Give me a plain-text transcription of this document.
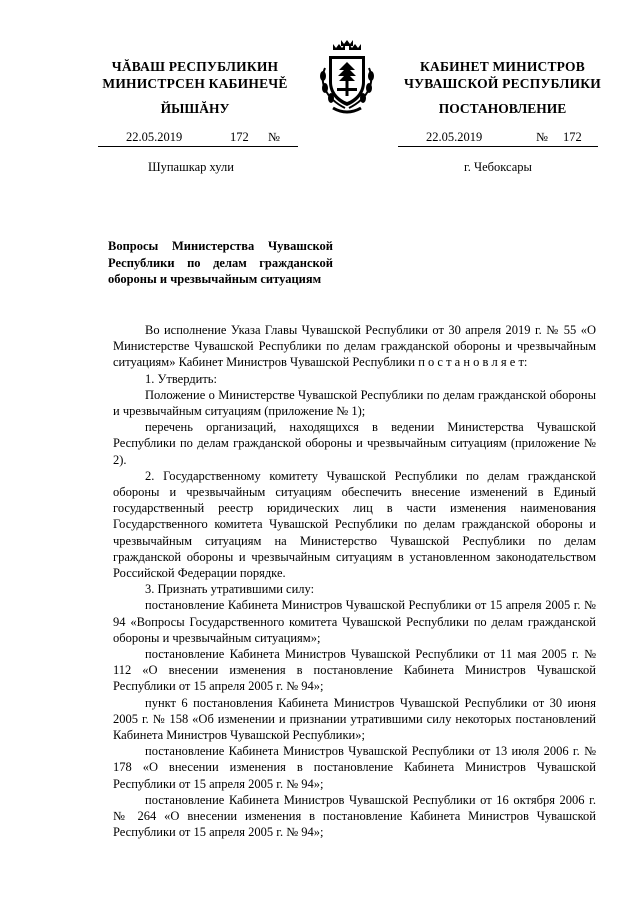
ЧĂВАШ РЕСПУБЛИКИН
МИНИСТРСЕН КАБИНЕЧĚ
ЙЫШĂНУ
КАБИНЕТ МИНИСТРОВ
ЧУВАШСКОЙ РЕСПУБЛИКИ
ПОСТАНОВЛЕНИЕ
22.05.2019	172 №	22.05.2019	№ 172
Шупашкар хули	г. Чебоксары
Вопросы Министерства Чувашской Республики по делам гражданской обороны и чрезвычайным ситуациям

Во исполнение Указа Главы Чувашской Республики от 30 апреля 2019 г. № 55 «О Министерстве Чувашской Республики по делам гражданской обороны и чрезвычайным ситуациям» Кабинет Министров Чувашской Республики п о с т а н о в л я е т:

1. Утвердить:

Положение о Министерстве Чувашской Республики по делам гражданской обороны и чрезвычайным ситуациям (приложение № 1);

перечень организаций, находящихся в ведении Министерства Чувашской Республики по делам гражданской обороны и чрезвычайным ситуациям (приложение № 2).

2. Государственному комитету Чувашской Республики по делам гражданской обороны и чрезвычайным ситуациям обеспечить внесение изменений в Единый государственный реестр юридических лиц в части изменения наименования Государственного комитета Чувашской Республики по делам гражданской обороны и чрезвычайным ситуациям на Министерство Чувашской Республики по делам гражданской обороны и чрезвычайным ситуациям в установленном законодательством Российской Федерации порядке.

3. Признать утратившими силу:

постановление Кабинета Министров Чувашской Республики от 15 апреля 2005 г. № 94 «Вопросы Государственного комитета Чувашской Республики по делам гражданской обороны и чрезвычайным ситуациям»;

постановление Кабинета Министров Чувашской Республики от 11 мая 2005 г. № 112 «О внесении изменения в постановление Кабинета Министров Чувашской Республики от 15 апреля 2005 г. № 94»;

пункт 6 постановления Кабинета Министров Чувашской Республики от 30 июня 2005 г. № 158 «Об изменении и признании утратившими силу некоторых постановлений Кабинета Министров Чувашской Республики»;

постановление Кабинета Министров Чувашской Республики от 13 июля 2006 г. № 178 «О внесении изменения в постановление Кабинета Министров Чувашской Республики от 15 апреля 2005 г. № 94»;

постановление Кабинета Министров Чувашской Республики от 16 октября 2006 г. № 264 «О внесении изменения в постановление Кабинета Министров Чувашской Республики от 15 апреля 2005 г. № 94»;
